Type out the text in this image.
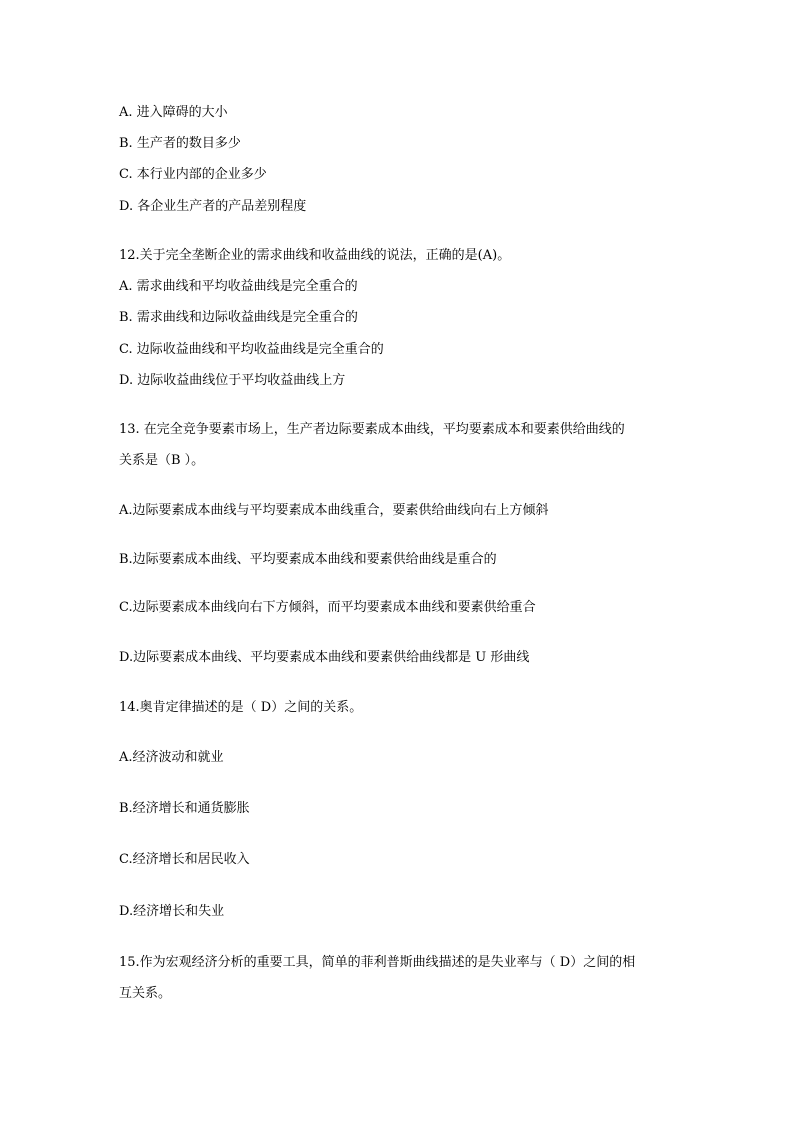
A. 进入障碍的大小

B. 生产者的数目多少

C. 本行业内部的企业多少

D. 各企业生产者的产品差别程度

12.关于完全垄断企业的需求曲线和收益曲线的说法，正确的是(A)。

A. 需求曲线和平均收益曲线是完全重合的

B. 需求曲线和边际收益曲线是完全重合的

C. 边际收益曲线和平均收益曲线是完全重合的

D. 边际收益曲线位于平均收益曲线上方

13. 在完全竞争要素市场上，生产者边际要素成本曲线，平均要素成本和要素供给曲线的

关系是（B ）。

A.边际要素成本曲线与平均要素成本曲线重合，要素供给曲线向右上方倾斜

B.边际要素成本曲线、平均要素成本曲线和要素供给曲线是重合的

C.边际要素成本曲线向右下方倾斜，而平均要素成本曲线和要素供给重合

D.边际要素成本曲线、平均要素成本曲线和要素供给曲线都是 U 形曲线

14.奥肯定律描述的是（ D）之间的关系。

A.经济波动和就业

B.经济增长和通货膨胀

C.经济增长和居民收入

D.经济增长和失业

15.作为宏观经济分析的重要工具，简单的菲利普斯曲线描述的是失业率与（ D）之间的相

互关系。
